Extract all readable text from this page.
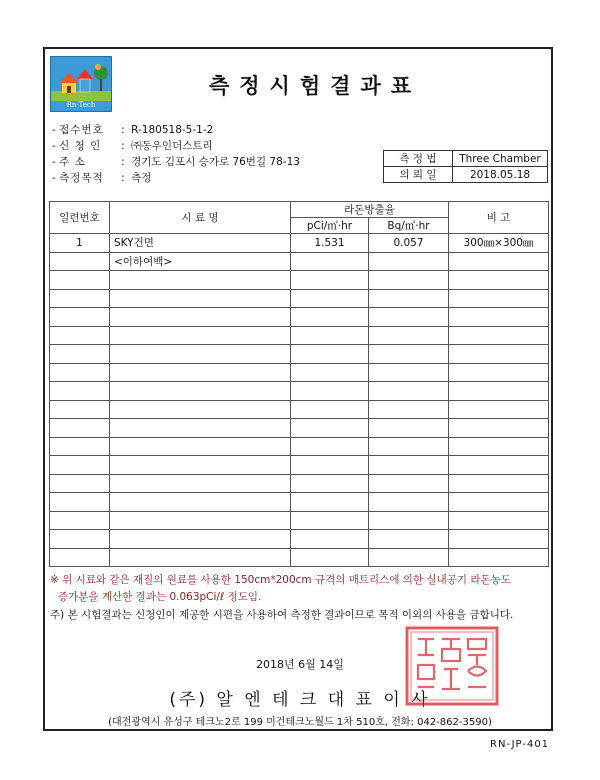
Rn·Tech
측정시험결과표
- 접수번호 : R-180518-5-1-2
- 신 청 인 : ㈜동우인더스트리
- 주 소	: 경기도 김포시 승가로 76번길 78-13
- 측정목적 : 측정
측 정 법	Three Chamber
의 뢰 일	2018.05.18
일련번호	시 료 명	라돈방출율		비 고
		pCi/㎡·hr	Bq/㎡·hr	
1	SKY건면	1.531	0.057	300㎜×300㎜
	<이하여백>			

※ 위 시료와 같은 재질의 원료를 사용한 150cm*200cm 규격의 매트리스에 의한 실내공기 라돈농도
증가분을 계산한 결과는 0.063pCi/ℓ 정도임.
주) 본 시험결과는 신청인이 제공한 시편을 사용하여 측정한 결과이므로 목적 이외의 사용을 금합니다.
2018년 6월 14일
(주) 알 엔 테 크 대 표 이 사
(대전광역시 유성구 테크노2로 199 미건테크노월드 1차 510호, 전화: 042-862-3590)
RN-JP-401
